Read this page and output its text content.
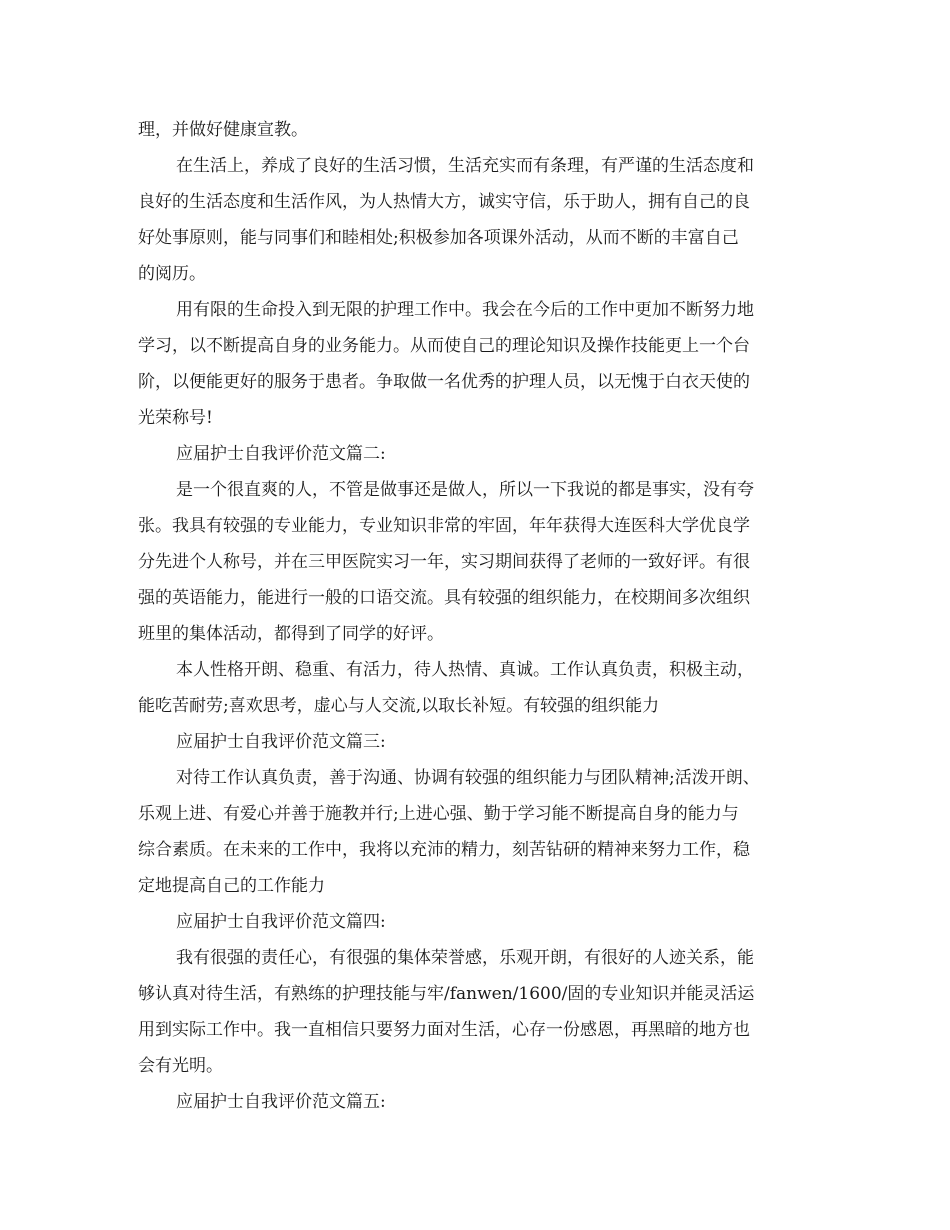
理，并做好健康宣教。
在生活上，养成了良好的生活习惯，生活充实而有条理，有严谨的生活态度和
良好的生活态度和生活作风，为人热情大方，诚实守信，乐于助人，拥有自己的良
好处事原则，能与同事们和睦相处;积极参加各项课外活动，从而不断的丰富自己
的阅历。
用有限的生命投入到无限的护理工作中。我会在今后的工作中更加不断努力地
学习，以不断提高自身的业务能力。从而使自己的理论知识及操作技能更上一个台
阶，以便能更好的服务于患者。争取做一名优秀的护理人员，以无愧于白衣天使的
光荣称号!
应届护士自我评价范文篇二:
是一个很直爽的人，不管是做事还是做人，所以一下我说的都是事实，没有夸
张。我具有较强的专业能力，专业知识非常的牢固，年年获得大连医科大学优良学
分先进个人称号，并在三甲医院实习一年，实习期间获得了老师的一致好评。有很
强的英语能力，能进行一般的口语交流。具有较强的组织能力，在校期间多次组织
班里的集体活动，都得到了同学的好评。
本人性格开朗、稳重、有活力，待人热情、真诚。工作认真负责，积极主动，
能吃苦耐劳;喜欢思考，虚心与人交流,以取长补短。有较强的组织能力
应届护士自我评价范文篇三:
对待工作认真负责，善于沟通、协调有较强的组织能力与团队精神;活泼开朗、
乐观上进、有爱心并善于施教并行;上进心强、勤于学习能不断提高自身的能力与
综合素质。在未来的工作中，我将以充沛的精力，刻苦钻研的精神来努力工作，稳
定地提高自己的工作能力
应届护士自我评价范文篇四:
我有很强的责任心，有很强的集体荣誉感，乐观开朗，有很好的人迹关系，能
够认真对待生活，有熟练的护理技能与牢/fanwen/1600/固的专业知识并能灵活运
用到实际工作中。我一直相信只要努力面对生活，心存一份感恩，再黑暗的地方也
会有光明。
应届护士自我评价范文篇五:
